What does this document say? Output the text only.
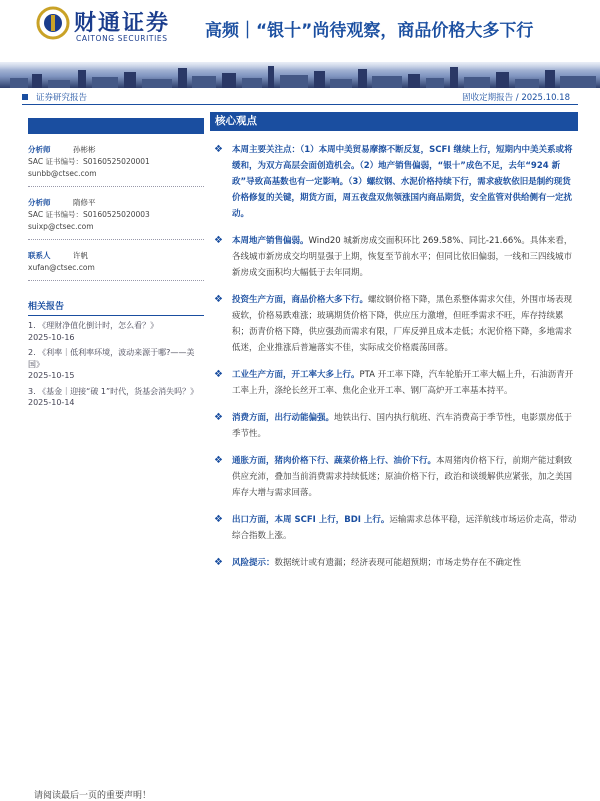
财通证券
CAITONG SECURITIES 高频｜“银十”尚待观察，商品价格大多下行
证券研究报告	固收定期报告 / 2025.10.18
分析师	孙彬彬
SAC 证书编号：S0160525020001
sunbb@ctsec.com
分析师	隋修平
SAC 证书编号：S0160525020003
suixp@ctsec.com
联系人	许帆
xufan@ctsec.com
相关报告
1. 《理财净值化倒计时，怎么看？》
2025-10-16
2. 《利率｜低利率环境，波动来源于哪?——美国》
2025-10-15
3. 《基金｜迎接“破 1”时代，货基会消失吗？》
2025-10-14
核心观点
❖ 本周主要关注点：（1）本周中美贸易摩擦不断反复，SCFI 继续上行，短期内中美关系或将缓和，为双方高层会面创造机会。（2）地产销售偏弱，“银十”成色不足，去年“924 新政”导致高基数也有一定影响。（3）螺纹钢、水泥价格持续下行，需求疲软依旧是制约现货价格修复的关键，期货方面，周五夜盘双焦领涨国内商品期货，安全监管对供给侧有一定扰动。
❖ 本周地产销售偏弱。Wind20 城新房成交面积环比 269.58%、同比-21.66%。具体来看，各线城市新房成交均明显强于上期，恢复至节前水平；但同比依旧偏弱，一线和三四线城市新房成交面积均大幅低于去年同期。
❖ 投资生产方面，商品价格大多下行。螺纹钢价格下降，黑色系整体需求欠佳，外围市场表现疲软，价格易跌难涨；玻璃期货价格下降，供应压力激增，但旺季需求不旺，库存持续累积；沥青价格下降，供应强劲而需求有限，厂库反弹且成本走低；水泥价格下降，多地需求低迷，企业推涨后普遍落实不佳，实际成交价格震荡回落。
❖ 工业生产方面，开工率大多上行。PTA 开工率下降，汽车轮胎开工率大幅上升，石油沥青开工率上升，涤纶长丝开工率、焦化企业开工率、钢厂高炉开工率基本持平。
❖ 消费方面，出行动能偏强。地铁出行、国内执行航班、汽车消费高于季节性，电影票房低于季节性。
❖ 通胀方面，猪肉价格下行、蔬菜价格上行、油价下行。本周猪肉价格下行，前期产能过剩致供应充沛，叠加当前消费需求持续低迷；原油价格下行，政治和谈缓解供应紧张，加之美国库存大增与需求回落。
❖ 出口方面，本周 SCFI 上行，BDI 上行。运输需求总体平稳，远洋航线市场运价走高，带动综合指数上涨。
❖ 风险提示：数据统计或有遗漏；经济表现可能超预期；市场走势存在不确定性
请阅读最后一页的重要声明！
